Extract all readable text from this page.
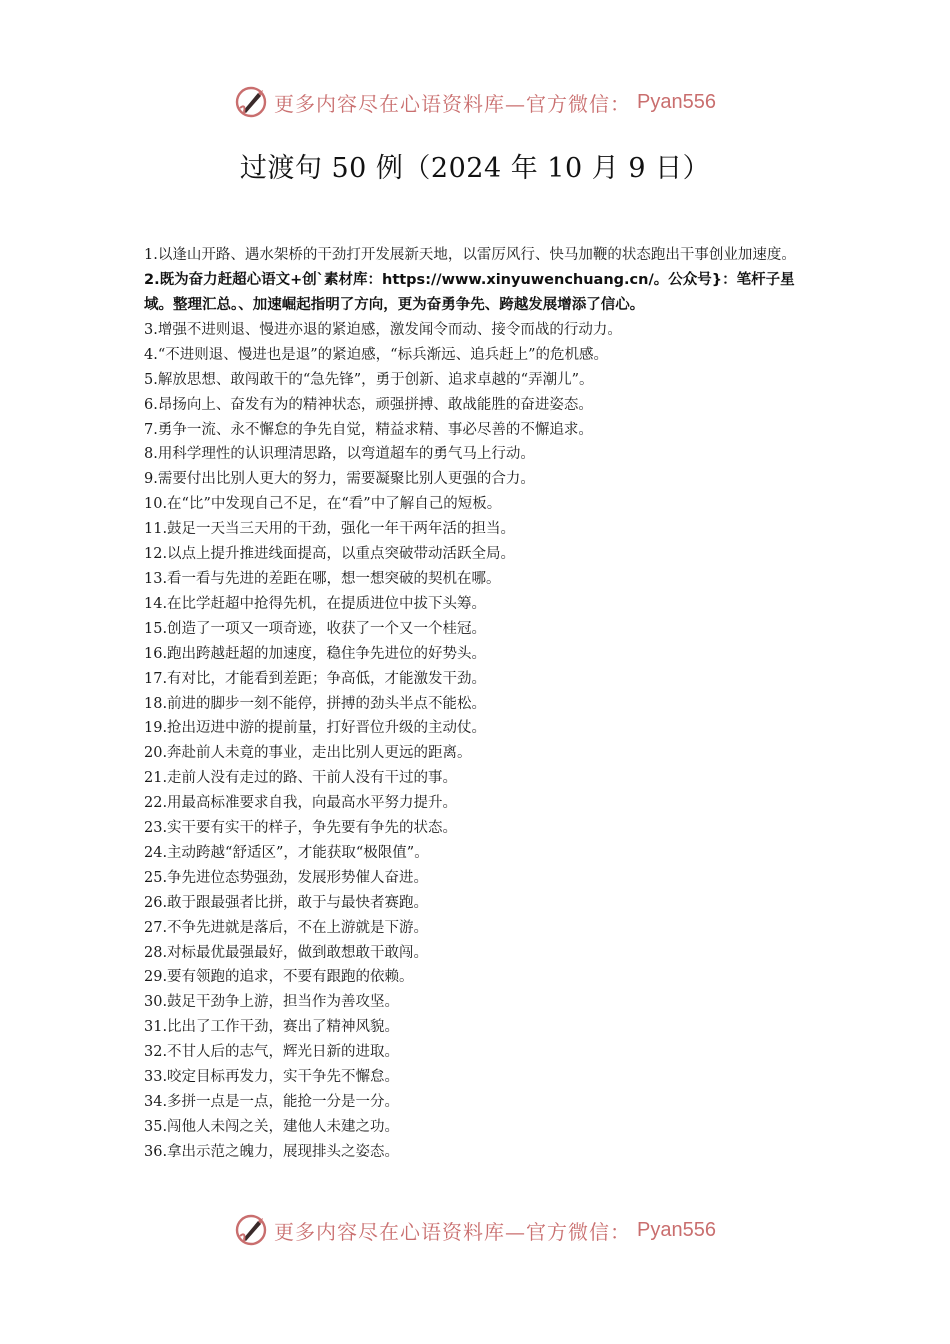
更多内容尽在心语资料库—官方微信： Pyan556
过渡句 50 例（2024 年 10 月 9 日）
1.以逢山开路、遇水架桥的干劲打开发展新天地，以雷厉风行、快马加鞭的状态跑出干事创业加速度。
2.既为奋力赶超心语文+创`素材库：https://www.xinyuwenchuang.cn/。公众号}：笔杆子星域。整理汇总。、加速崛起指明了方向，更为奋勇争先、跨越发展增添了信心。
3.增强不进则退、慢进亦退的紧迫感，激发闻令而动、接令而战的行动力。
4.“不进则退、慢进也是退”的紧迫感，“标兵渐远、追兵赶上”的危机感。
5.解放思想、敢闯敢干的“急先锋”，勇于创新、追求卓越的“弄潮儿”。
6.昂扬向上、奋发有为的精神状态，顽强拼搏、敢战能胜的奋进姿态。
7.勇争一流、永不懈怠的争先自觉，精益求精、事必尽善的不懈追求。
8.用科学理性的认识理清思路，以弯道超车的勇气马上行动。
9.需要付出比别人更大的努力，需要凝聚比别人更强的合力。
10.在“比”中发现自己不足，在“看”中了解自己的短板。
11.鼓足一天当三天用的干劲，强化一年干两年活的担当。
12.以点上提升推进线面提高，以重点突破带动活跃全局。
13.看一看与先进的差距在哪，想一想突破的契机在哪。
14.在比学赶超中抢得先机，在提质进位中拔下头筹。
15.创造了一项又一项奇迹，收获了一个又一个桂冠。
16.跑出跨越赶超的加速度，稳住争先进位的好势头。
17.有对比，才能看到差距；争高低，才能激发干劲。
18.前进的脚步一刻不能停，拼搏的劲头半点不能松。
19.抢出迈进中游的提前量，打好晋位升级的主动仗。
20.奔赴前人未竟的事业，走出比别人更远的距离。
21.走前人没有走过的路、干前人没有干过的事。
22.用最高标准要求自我，向最高水平努力提升。
23.实干要有实干的样子，争先要有争先的状态。
24.主动跨越“舒适区”，才能获取“极限值”。
25.争先进位态势强劲，发展形势催人奋进。
26.敢于跟最强者比拼，敢于与最快者赛跑。
27.不争先进就是落后，不在上游就是下游。
28.对标最优最强最好，做到敢想敢干敢闯。
29.要有领跑的追求，不要有跟跑的依赖。
30.鼓足干劲争上游，担当作为善攻坚。
31.比出了工作干劲，赛出了精神风貌。
32.不甘人后的志气，辉光日新的进取。
33.咬定目标再发力，实干争先不懈怠。
34.多拼一点是一点，能抢一分是一分。
35.闯他人未闯之关，建他人未建之功。
36.拿出示范之魄力，展现排头之姿态。
更多内容尽在心语资料库—官方微信： Pyan556
